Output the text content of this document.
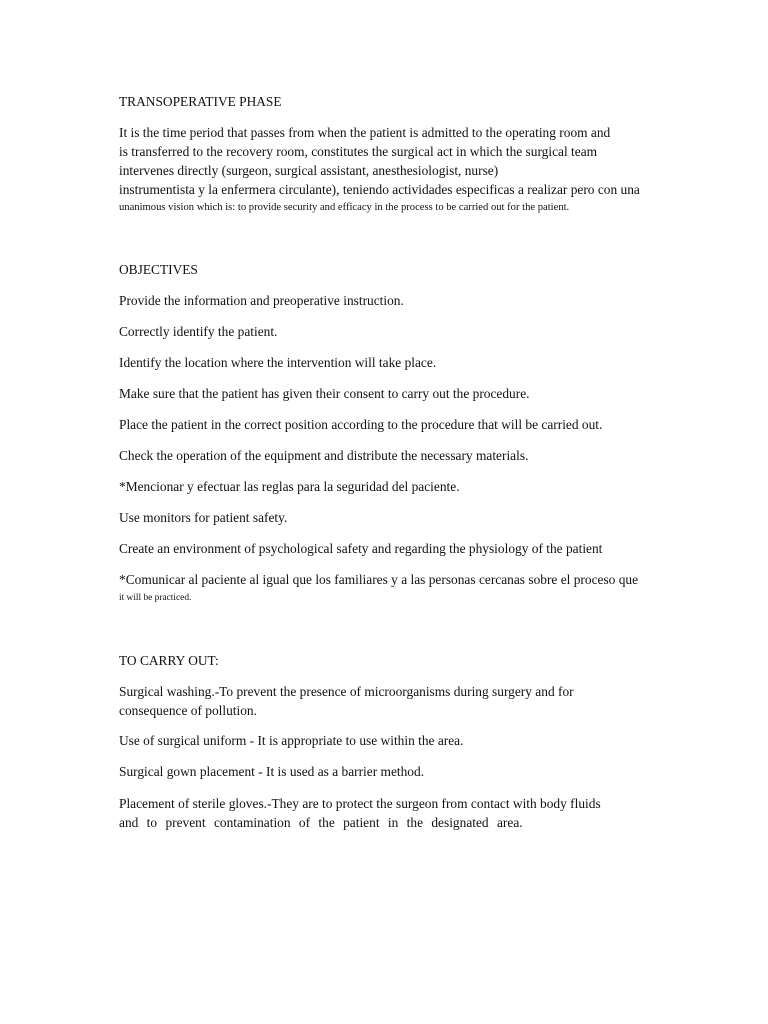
TRANSOPERATIVE PHASE
It is the time period that passes from when the patient is admitted to the operating room and
is transferred to the recovery room, constitutes the surgical act in which the surgical team
intervenes directly (surgeon, surgical assistant, anesthesiologist, nurse)
instrumentista y la enfermera circulante), teniendo actividades especificas a realizar pero con una
unanimous vision which is: to provide security and efficacy in the process to be carried out for the patient.
OBJECTIVES
Provide the information and preoperative instruction.
Correctly identify the patient.
Identify the location where the intervention will take place.
Make sure that the patient has given their consent to carry out the procedure.
Place the patient in the correct position according to the procedure that will be carried out.
Check the operation of the equipment and distribute the necessary materials.
*Mencionar y efectuar las reglas para la seguridad del paciente.
Use monitors for patient safety.
Create an environment of psychological safety and regarding the physiology of the patient
*Comunicar al paciente al igual que los familiares y a las personas cercanas sobre el proceso que
it will be practiced.
TO CARRY OUT:
Surgical washing.-To prevent the presence of microorganisms during surgery and for
consequence of pollution.
Use of surgical uniform - It is appropriate to use within the area.
Surgical gown placement - It is used as a barrier method.
Placement of sterile gloves.-They are to protect the surgeon from contact with body fluids
and to prevent contamination of the patient in the designated area.
